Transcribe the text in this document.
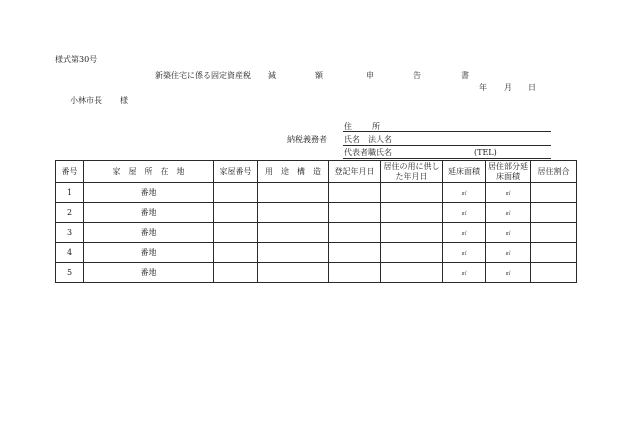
様式第30号
新築住宅に係る固定資産税 減	額	申	告	書
年 月 日
小林市長 様
住	所
納税義務者 氏名　法人名
代表者職氏名	(TEL)
番号	家　屋　所　在　地	家屋番号	用　途　構　造	登記年月日	居住の用に供した年月日	延床面積	居住部分延床面積	居住割合
1	番地					㎡	㎡	
2	番地					㎡	㎡	
3	番地					㎡	㎡	
4	番地					㎡	㎡	
5	番地					㎡	㎡	
